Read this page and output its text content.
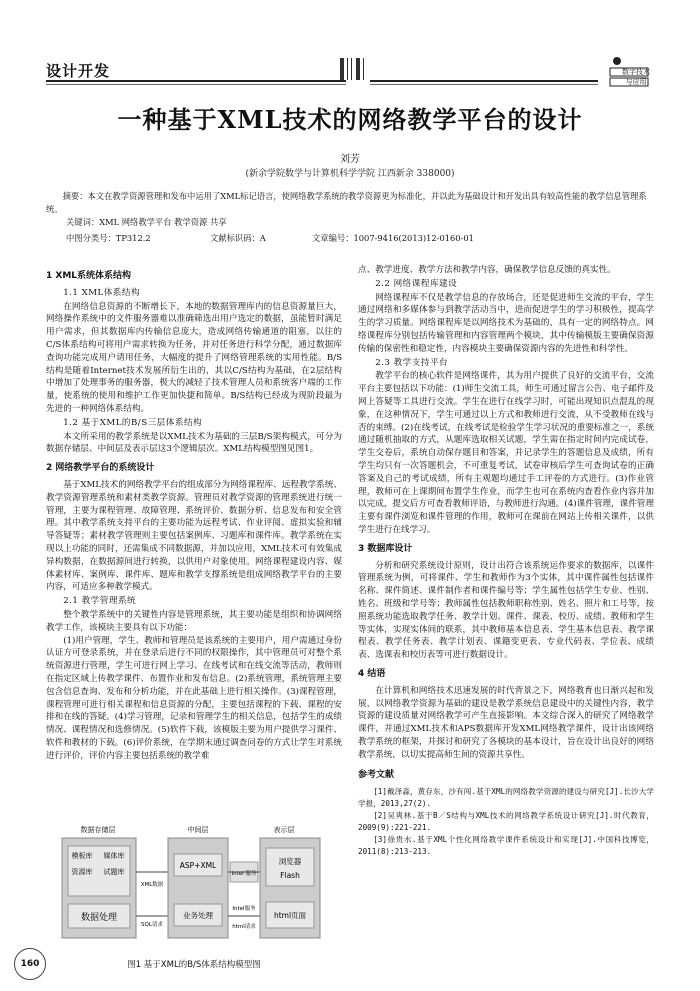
设计开发	数字技术
与应用
一种基于XML技术的网络教学平台的设计
刘芳
(新余学院数学与计算机科学学院 江西新余 338000)
摘要：本文在教学资源管理和发布中运用了XML标记语言，使网络教学系统的教学资源更为标准化，并以此为基础设计和开发出具有较高性能的教学信息管理系统。
关键词：XML 网络教学平台 教学资源 共享
中图分类号：TP312.2	文献标识码：A	文章编号：1007-9416(2013)12-0160-01
1 XML系统体系结构
1.1 XML体系结构

在网络信息资源的不断增长下，本地的数据管理库内的信息资源量巨大，网络操作系统中的文件服务器难以准确筛选出用户选定的数据，虽能暂时满足用户需求，但其数据库内传输信息庞大，造成网络传输通道的阻塞，以往的C/S体系结构可将用户需求转换为任务，并对任务进行科学分配，通过数据库查询功能完成用户请用任务，大幅度的提升了网络管理系统的实用性能。B/S结构是随着Internet技术发展所衍生出的，其以C/S结构为基础，在2层结构中增加了处理事务的服务器，极大的减轻了技术管理人员和系统客户端的工作量，使系统的使用和维护工作更加快捷和简单。B/S结构已经成为现阶段最为先进的一种网络体系结构。

1.2 基于XML的B/S三层体系结构

本文所采用的教学系统是以XML技术为基础的三层B/S架构模式，可分为数据存储层、中间层及表示层这3个逻辑层次。XML结构模型图见图1。

2 网络教学平台的系统设计

基于XML技术的网络教学平台的组成部分为网络课程库、远程教学系统、教学资源管理系统和素材类教学资源。管理员对教学资源的管理系统进行统一管理，主要为课程管理、故障管理、系统评价、数据分析、信息发布和安全管理。其中教学系统支持平台的主要功能为远程考试、作业评阅、虚拟实验和辅导答疑等；素材教学管理则主要包括案例库、习题库和课件库。教学系统在实现以上功能的同时，还需集成不同数据源，并加以应用，XML技术可有效集成异构数据，在数据源间进行转换，以供用户对象使用。网络课程建设内容、媒体素材库、案例库、课件库、题库和教学支撑系统是组成网络教学平台的主要内容，可适应多种教学模式。

2.1 教学管理系统

整个教学系统中的关键性内容是管理系统，其主要功能是组织和协调网络教学工作，该模块主要具有以下功能：

(1)用户管理，学生、教师和管理员是该系统的主要用户，用户需通过身份认证方可登录系统，并在登录后进行不同的权限操作，其中管理员可对整个系统资源进行管理，学生可进行网上学习、在线考试和在线交流等活动，教师则在指定区域上传教学课件、布置作业和发布信息。(2)系统管理，系统管理主要包含信息查询、发布和分析功能，并在此基础上进行相关操作。(3)课程管理，课程管理可进行相关课程和信息资源的分配，主要包括课程的下载、课程的安排和在线的答疑。(4)学习管理，记录和管理学生的相关信息，包括学生的成绩情况、课程情况和选修情况。(5)软件下载，该模版主要为用户提供学习课件、软件和教材的下载。(6)评价系统，在学期末通过调查问卷的方式让学生对系统进行评价，评价内容主要包括系统的教学难

点、教学进度、教学方法和教学内容，确保教学信息反馈的真实性。

2.2 网络课程库建设

网络课程库不仅是教学信息的存放场合，还是促进师生交流的平台，学生通过网络和多媒体参与到教学活动当中，进而促进学生的学习积极性，提高学生的学习质量。网络课程库是以网络技术为基础的，具有一定的网络特点。网络课程库分别包括传输管理和内容管理两个模块，其中传输模版主要确保资源传输的保密性和稳定性，内容模块主要确保资源内容的先进性和科学性。

2.3 教学支持平台

教学平台的核心软件是网络课件，其为用户提供了良好的交流平台，交流平台主要包括以下功能：(1)师生交流工具，师生可通过留言公告、电子邮件及网上答疑等工具进行交流。学生在进行在线学习时，可能出现知识点混乱的现象，在这种情况下，学生可通过以上方式和教师进行交流，从不受教师在线与否的束缚。(2)在线考试，在线考试是检验学生学习状况的重要标准之一，系统通过随机抽取的方式，从题库选取相关试题，学生需在指定时间内完成试卷，学生交卷后，系统自动保存题目和答案，并记录学生的答题信息及成绩，所有学生均只有一次答题机会，不可重复考试，试卷审核后学生可查询试卷的正确答案及自己的考试成绩，所有主观题均通过手工评卷的方式进行。(3)作业管理，教师可在上课期间布置学生作业，而学生也可在系统内查看作业内容并加以完成，提交后方可查看教师评语，与教师进行沟通。(4)课件管理，课件管理主要有课件浏览和课件管理的作用，教师可在课前在网站上传相关课件，以供学生进行在线学习。

3 数据库设计

分析和研究系统设计原则，设计出符合该系统运作要求的数据库，以课件管理系统为例，可将课件、学生和教师作为3个实体，其中课件属性包括课件名称、课件简述、课件制作者和课件编号等；学生属性包括学生专业、性别、姓名、班级和学号等；教师属性包括教师职称性别、姓名、照片和工号等，按照系统功能选取教学任务、教学计划、课件、课表、校历、成绩、教师和学生等实体，实现实体间的联系，其中教师基本信息表、学生基本信息表、教学课程表、教学任务表、教学计划表、课籍变更表、专业代码表、学位表、成绩表、选课表和校历表等可进行数据设计。

4 结语

在计算机和网络技术迅速发展的时代背景之下，网络教育也日渐兴起和发展，以网络教学资源为基础的建设是教学系统信息建设中的关键性内容，教学资源的建设质量对网络教学可产生直接影响。本文综合深入的研究了网络教学课件，并通过XML技术和APS数据库开发XML网络教学课件，设计出该网络教学系统的框架，并探讨和研究了各模块的基本设计，旨在设计出良好的网络教学系统，以切实提高师生间的资源共享性。

参考文献

[1]戴泽淼，黄存东，沙有闯.基于XML的网络教学资源的建设与研究[J].长沙大学学报，2013,27(2).

[2]吴爽林.基于B／S结构与XML技术的网络教学系统设计研究[J].时代教育，2009(9):221-221.

[3]徐贵水.基于XML个性化网络教学课件系统设计和实现[J].中国科技博览，2011(8):213-213.

数据存储层	中间层	表示层
模板库 媒体库
资源库 试题库
数据处理
XML数据
SQL请求
ASP+XML
业务处理
Intel 服务
Intel服务
html请求
浏览器
Flash
html页面
图1 基于XML的B/S体系结构模型图
160
